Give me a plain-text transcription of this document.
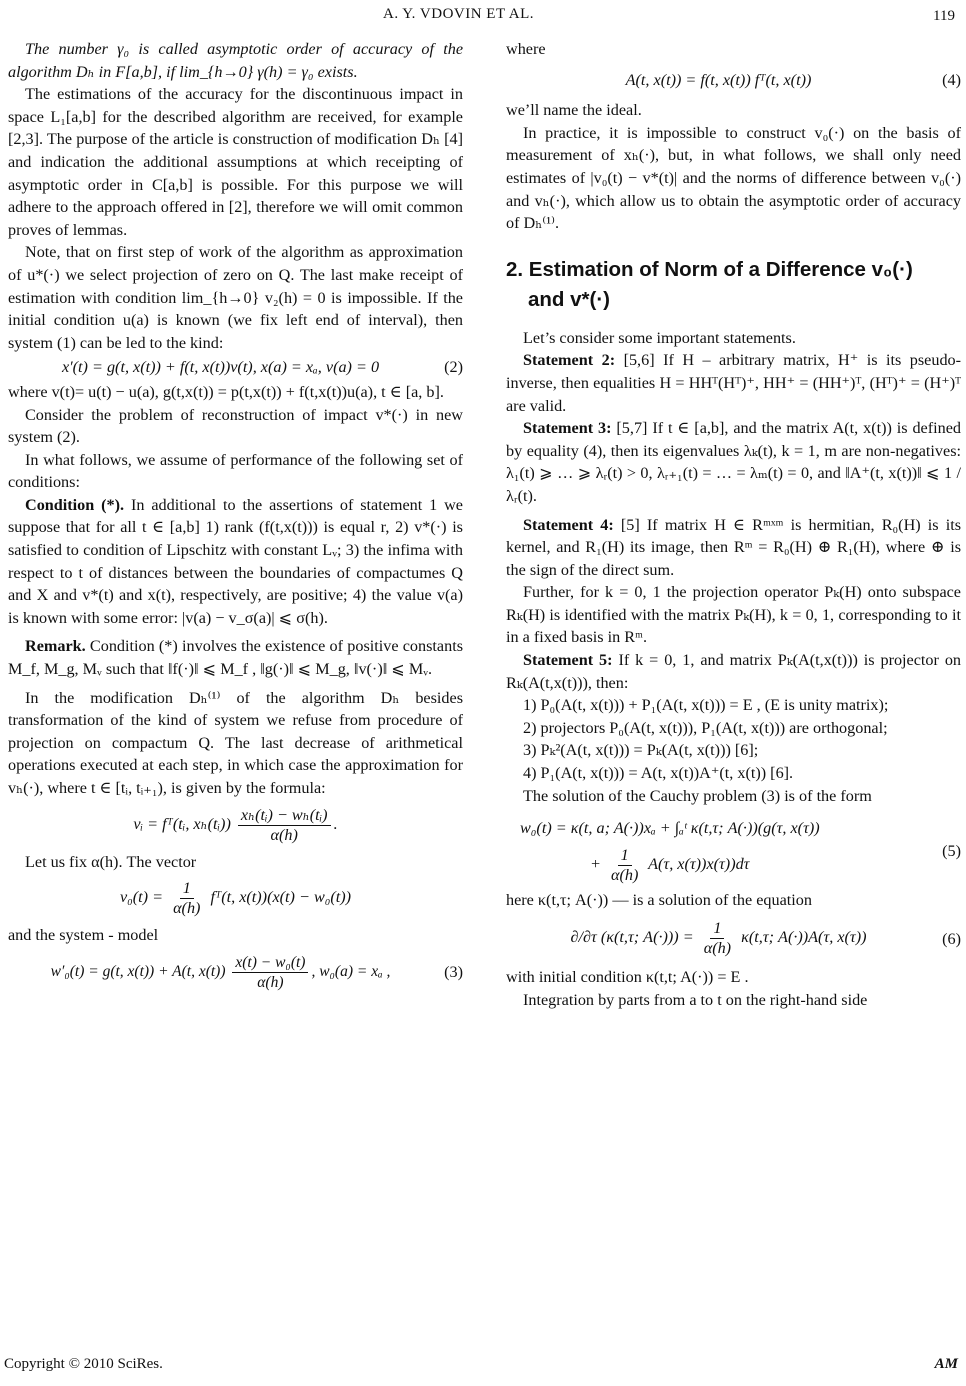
A. Y. VDOVIN ET AL.	119

The number γ₀ is called asymptotic order of accuracy of the algorithm Dₕ in F[a,b], if lim_{h→0} γ(h) = γ₀ exists.

The estimations of the accuracy for the discontinuous impact in space L₁[a,b] for the described algorithm are received, for example [2,3]. The purpose of the article is construction of modification Dₕ [4] and indication the additional assumptions at which receipting of asymptotic order in C[a,b] is possible. For this purpose we will adhere to the approach offered in [2], therefore we will omit common proves of lemmas.

Note, that on first step of work of the algorithm as approximation of u*(·) we select projection of zero on Q. The last make receipt of estimation with condition lim_{h→0} v₂(h) = 0 is impossible. If the initial condition u(a) is known (we fix left end of interval), then system (1) can be led to the kind:

x′(t) = g(t, x(t)) + f(t, x(t))v(t), x(a) = xₐ, v(a) = 0	(2)

where v(t)= u(t) − u(a), g(t,x(t)) = p(t,x(t)) + f(t,x(t))u(a), t ∈ [a, b].

Consider the problem of reconstruction of impact v*(·) in new system (2).

In what follows, we assume of performance of the following set of conditions:

Condition (*). In additional to the assertions of statement 1 we suppose that for all t ∈ [a,b] 1) rank (f(t,x(t))) is equal r, 2) v*(·) is satisfied to condition of Lipschitz with constant Lᵥ; 3) the infima with respect to t of distances between the boundaries of compactumes Q and X and v*(t) and x(t), respectively, are positive; 4) the value v(a) is known with some error: |v(a) − v_σ(a)| ⩽ σ(h).

Remark. Condition (*) involves the existence of positive constants M_f, M_g, Mᵥ such that ‖f(·)‖ ⩽ M_f , ‖g(·)‖ ⩽ M_g, ‖v(·)‖ ⩽ Mᵥ.

In the modification Dₕ⁽¹⁾ of the algorithm Dₕ besides transformation of the kind of system we refuse from procedure of projection on compactum Q. The last decrease of arithmetical operations executed at each step, in which case the approximation for vₕ(·), where t ∈ [tᵢ, tᵢ₊₁), is given by the formula:

vᵢ = fᵀ(tᵢ, xₕ(tᵢ)) $\frac{\text{xₕ(tᵢ) − wₕ(tᵢ)}}{\alpha(h)}$ .

Let us fix α(h). The vector

$v_0(t) = \frac{1}{\alpha(h)}$ fᵀ(t, x(t))(x(t) − w₀(t))

and the system - model

w′₀(t) = g(t, x(t)) + A(t, $x(t)) \frac{\text{x(t) − w₀(t)}}{\alpha(h)}$ , w₀(a) = xₐ ,	(3)

where

A(t, x(t)) = f(t, x(t)) fᵀ(t, x(t))	(4)

we’ll name the ideal.

In practice, it is impossible to construct v₀(·) on the basis of measurement of xₕ(·), but, in what follows, we shall only need estimates of |v₀(t) − v*(t)| and the norms of difference between v₀(·) and vₕ(·), which allow us to obtain the asymptotic order of accuracy of Dₕ⁽¹⁾.

2. Estimation of Norm of a Difference v₀(·)
and v*(·)

Let’s consider some important statements.

Statement 2: [5,6] If H – arbitrary matrix, H⁺ is its pseudo-inverse, then equalities H = HHᵀ(Hᵀ)⁺, HH⁺ = (HH⁺)ᵀ, (Hᵀ)⁺ = (H⁺)ᵀ are valid.

Statement 3: [5,7] If t ∈ [a,b], and the matrix A(t, x(t)) is defined by equality (4), then its eigenvalues λₖ(t), k = 1, m are non-negatives: λ₁(t) ⩾ … ⩾ λᵣ(t) > 0, λᵣ₊₁(t) = … = λₘ(t) = 0, and ‖A⁺(t, x(t))‖ ⩽ 1 / λᵣ(t).

Statement 4: [5] If matrix H ∈ Rᵐˣᵐ is hermitian, R₀(H) is its kernel, and R₁(H) its image, then Rᵐ = R₀(H) ⊕ R₁(H), where ⊕ is the sign of the direct sum.

Further, for k = 0, 1 the projection operator Pₖ(H) onto subspace Rₖ(H) is identified with the matrix Pₖ(H), k = 0, 1, corresponding to it in a fixed basis in Rᵐ.

Statement 5: If k = 0, 1, and matrix Pₖ(A(t,x(t))) is projector on Rₖ(A(t,x(t))), then:

1) P₀(A(t, x(t))) + P₁(A(t, x(t))) = E , (E is unity matrix);

2) projectors P₀(A(t, x(t))), P₁(A(t, x(t))) are orthogonal;

3) Pₖ²(A(t, x(t))) = Pₖ(A(t, x(t))) [6];

4) P₁(A(t, x(t))) = A(t, x(t))A⁺(t, x(t)) [6].

The solution of the Cauchy problem (3) is of the form

w₀(t) = κ(t, a; A(·))xₐ + ∫ₐᵗ κ(t,τ; A(·))(g(τ, x(τ))
+ $\frac{1}{\alpha(h)} A(\tau$, x(τ))x(τ))dτ
(5)

here κ(t,τ; A(·)) — is a solution of the equation

∂/∂τ (κ(t,τ; $A(\cdot))) = \frac{1}{\alpha(h)} \kappa(t,\tau$; A(·))A(τ, x(τ))	(6)

with initial condition κ(t,t; A(·)) = E .

Integration by parts from a to t on the right-hand side

Copyright © 2010 SciRes.	AM
